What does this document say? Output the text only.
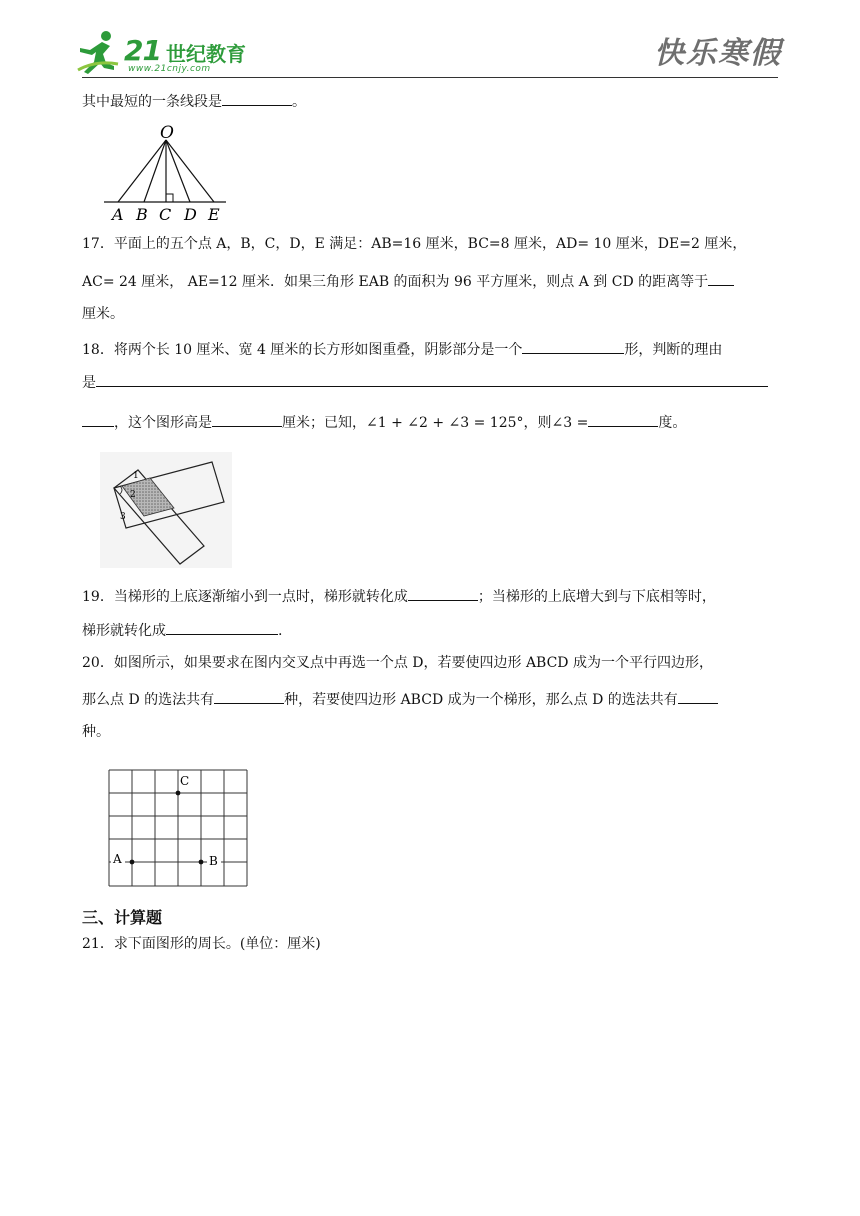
21 世纪教育
www.21cnjy.com	快乐寒假
其中最短的一条线段是	。
O
A B C D E
17．平面上的五个点 A，B，C，D，E 满足：AB=16 厘米，BC=8 厘米，AD= 10 厘米，DE=2 厘米，
AC= 24 厘米， AE=12 厘米．如果三角形 EAB 的面积为 96 平方厘米，则点 A 到 CD 的距离等于
厘米。
18．将两个长 10 厘米、宽 4 厘米的长方形如图重叠，阴影部分是一个	形，判断的理由
是
，这个图形高是	厘米；已知，∠1 + ∠2 + ∠3 = 125°，则∠3 =	度。
1
2
3
19．当梯形的上底逐渐缩小到一点时，梯形就转化成	；当梯形的上底增大到与下底相等时，
梯形就转化成	.
20．如图所示，如果要求在图内交叉点中再选一个点 D，若要使四边形 ABCD 成为一个平行四边形，
那么点 D 的选法共有	种，若要使四边形 ABCD 成为一个梯形，那么点 D 的选法共有
种。
C
A	B
三、计算题
21．求下面图形的周长。(单位：厘米)
